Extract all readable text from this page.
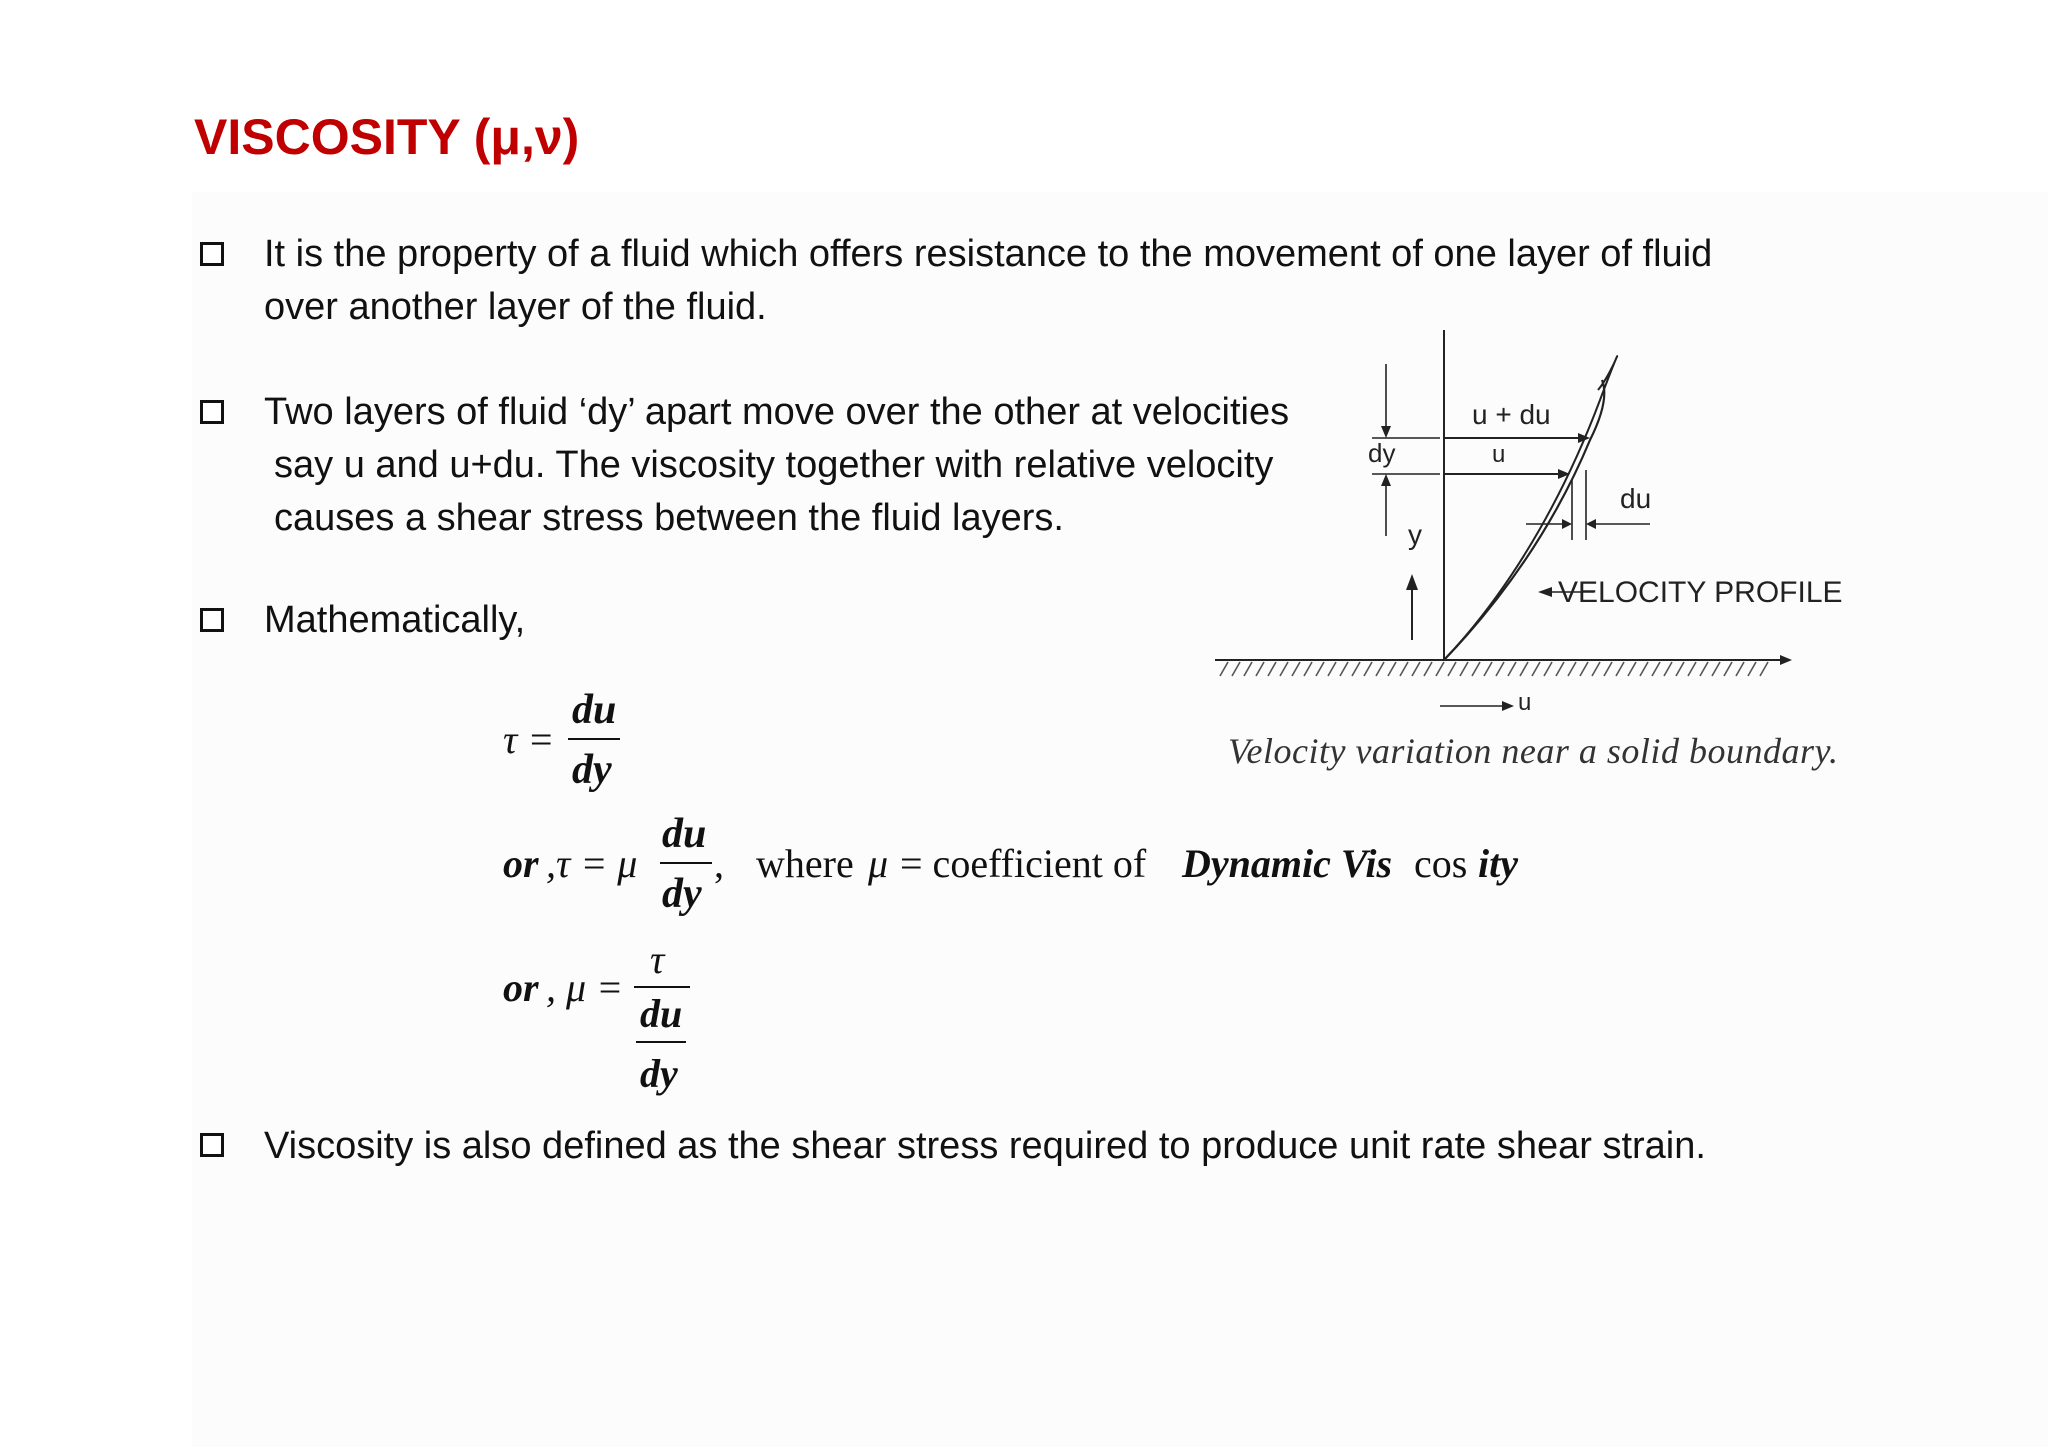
VISCOSITY (μ,ν)
It is the property of a fluid which offers resistance to the movement of one layer of fluid
over another layer of the fluid.
Two layers of fluid ‘dy’ apart move over the other at velocities
say u and u+du. The viscosity together with relative velocity
causes a shear stress between the fluid layers.
Mathematically,
τ =
du
dy
or ,τ = μ
du
dy
, where μ = coefficient of Dynamic Vis cos ity
or , μ =
τ
du
dy
Viscosity is also defined as the shear stress required to produce unit rate shear strain.
u + du
u
dy
du
y
VELOCITY PROFILE
u
Velocity variation near a solid boundary.
